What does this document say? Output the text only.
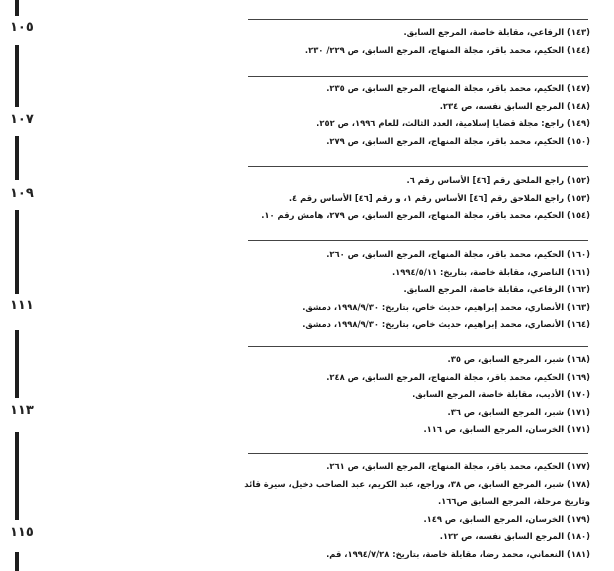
١٠٥
١٠٧
١٠٩
١١١
١١٣
١١٥
(١٤٣) الرفاعي، مقابلة خاصة، المرجع السابق.
(١٤٤) الحكيم، محمد باقر، مجلة المنهاج، المرجع السابق، ص ٢٢٩/ ٢٣٠.
(١٤٧) الحكيم، محمد باقر، مجلة المنهاج، المرجع السابق، ص ٢٣٥.
(١٤٨) المرجع السابق نفسه، ص ٢٣٤.
(١٤٩) راجع: مجلة قضايا إسلامية، العدد الثالث، للعام ١٩٩٦، ص ٢٥٢.
(١٥٠) الحكيم، محمد باقر، مجلة المنهاج، المرجع السابق، ص ٢٧٩.
(١٥٢) راجع الملحق رقم [٤٦] الأساس رقم ٦.
(١٥٣) راجع الملاحق رقم [٤٦] الأساس رقم ١، و رقم [٤٦] الأساس رقم ٤.
(١٥٤) الحكيم، محمد باقر، مجلة المنهاج، المرجع السابق، ص ٢٧٩، هامش رقم ١٠.
(١٦٠) الحكيم، محمد باقر، مجلة المنهاج، المرجع السابق، ص ٢٦٠.
(١٦١) الناصري، مقابلة خاصة، بتاريخ: ١٩٩٤/٥/١١.
(١٦٢) الرفاعي، مقابلة خاصة، المرجع السابق.
(١٦٣) الأنصاري، محمد إبراهيم، حديث خاص، بتاريخ: ١٩٩٨/٩/٣٠، دمشق.
(١٦٤) الأنصاري، محمد إبراهيم، حديث خاص، بتاريخ: ١٩٩٨/٩/٣٠، دمشق.
(١٦٨) شبر، المرجع السابق، ص ٣٥.
(١٦٩) الحكيم، محمد باقر، مجلة المنهاج، المرجع السابق، ص ٢٤٨.
(١٧٠) الأديب، مقابلة خاصة، المرجع السابق.
(١٧١) شبر، المرجع السابق، ص ٣٦.
(١٧١) الخرسان، المرجع السابق، ص ١١٦.
(١٧٧) الحكيم، محمد باقر، مجلة المنهاج، المرجع السابق، ص ٢٦١.
(١٧٨) شبر، المرجع السابق، ص ٣٨، وراجع، عبد الكريم، عبد الصاحب دخيل، سيرة قائد وتاريخ مرحلة، المرجع السابق ص١٦٦.
(١٧٩) الخرسان، المرجع السابق، ص ١٤٩.
(١٨٠) المرجع السابق نفسه، ص ١٢٢.
(١٨١) النعماني، محمد رضا، مقابلة خاصة، بتاريخ: ١٩٩٤/٧/٢٨، قم.
